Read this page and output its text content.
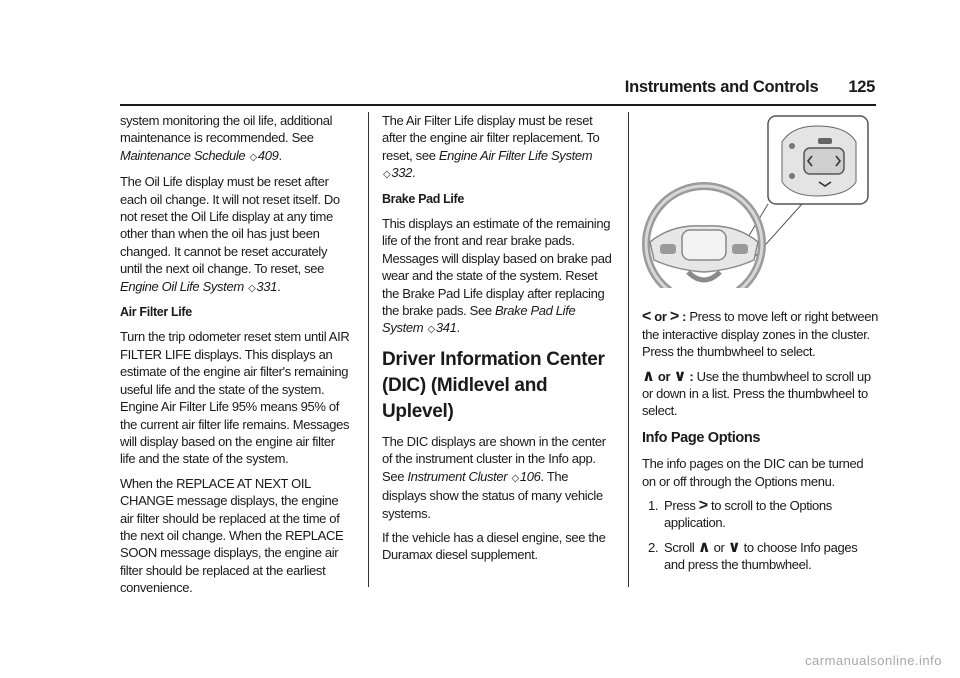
Instruments and Controls 125

system monitoring the oil life, additional maintenance is recommended. See Maintenance Schedule ◇409.

The Oil Life display must be reset after each oil change. It will not reset itself. Do not reset the Oil Life display at any time other than when the oil has just been changed. It cannot be reset accurately until the next oil change. To reset, see Engine Oil Life System ◇331.

Air Filter Life

Turn the trip odometer reset stem until AIR FILTER LIFE displays. This displays an estimate of the engine air filter's remaining useful life and the state of the system. Engine Air Filter Life 95% means 95% of the current air filter life remains. Messages will display based on the engine air filter life and the state of the system.

When the REPLACE AT NEXT OIL CHANGE message displays, the engine air filter should be replaced at the time of the next oil change. When the REPLACE SOON message displays, the engine air filter should be replaced at the earliest convenience.

The Air Filter Life display must be reset after the engine air filter replacement. To reset, see Engine Air Filter Life System ◇332.

Brake Pad Life

This displays an estimate of the remaining life of the front and rear brake pads. Messages will display based on brake pad wear and the state of the system. Reset the Brake Pad Life display after replacing the brake pads. See Brake Pad Life System ◇341.

Driver Information Center (DIC) (Midlevel and Uplevel)

The DIC displays are shown in the center of the instrument cluster in the Info app. See Instrument Cluster ◇106. The displays show the status of many vehicle systems.

If the vehicle has a diesel engine, see the Duramax diesel supplement.

< or > : Press to move left or right between the interactive display zones in the cluster. Press the thumbwheel to select.

∧ or ∨ : Use the thumbwheel to scroll up or down in a list. Press the thumbwheel to select.

Info Page Options

The info pages on the DIC can be turned on or off through the Options menu.

1. Press > to scroll to the Options application.
2. Scroll ∧ or ∨ to choose Info pages and press the thumbwheel.
carmanualsonline.info
